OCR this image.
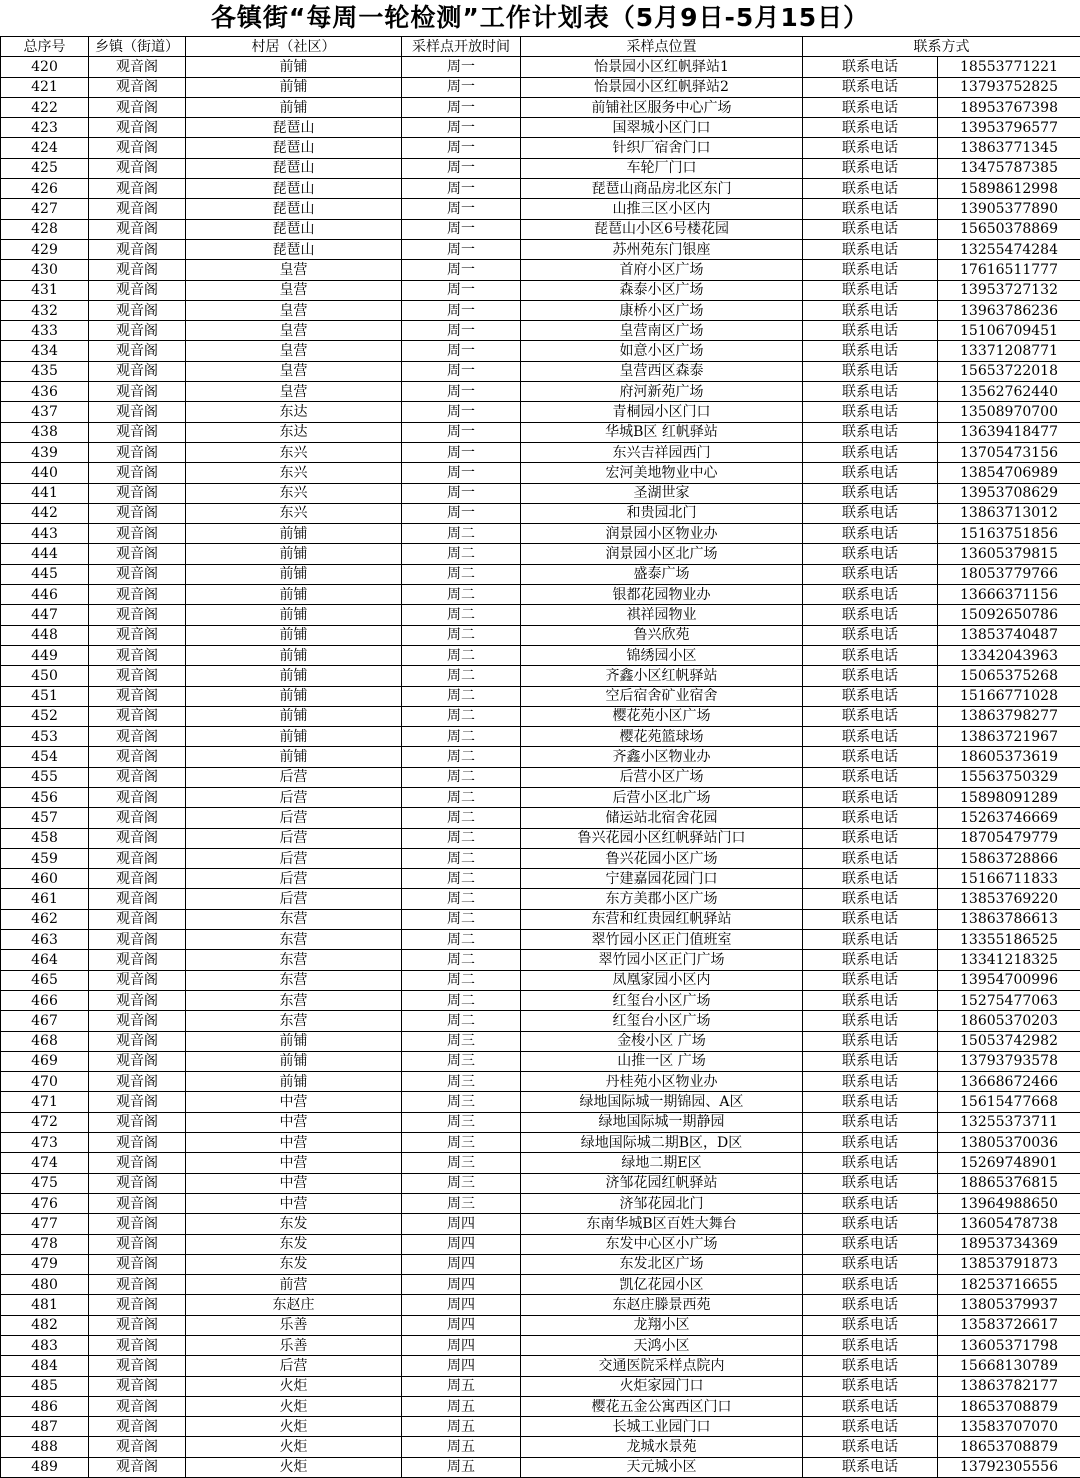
各镇街“每周一轮检测”工作计划表（5月9日-5月15日）
总序号	乡镇（街道）	村居（社区）	采样点开放时间	采样点位置	联系方式	
420	观音阁	前铺	周一	怡景园小区红帆驿站1	联系电话	18553771221
421	观音阁	前铺	周一	怡景园小区红帆驿站2	联系电话	13793752825
422	观音阁	前铺	周一	前铺社区服务中心广场	联系电话	18953767398
423	观音阁	琵琶山	周一	国翠城小区门口	联系电话	13953796577
424	观音阁	琵琶山	周一	针织厂宿舍门口	联系电话	13863771345
425	观音阁	琵琶山	周一	车轮厂门口	联系电话	13475787385
426	观音阁	琵琶山	周一	琵琶山商品房北区东门	联系电话	15898612998
427	观音阁	琵琶山	周一	山推三区小区内	联系电话	13905377890
428	观音阁	琵琶山	周一	琵琶山小区6号楼花园	联系电话	15650378869
429	观音阁	琵琶山	周一	苏州苑东门银座	联系电话	13255474284
430	观音阁	皇营	周一	首府小区广场	联系电话	17616511777
431	观音阁	皇营	周一	森泰小区广场	联系电话	13953727132
432	观音阁	皇营	周一	康桥小区广场	联系电话	13963786236
433	观音阁	皇营	周一	皇营南区广场	联系电话	15106709451
434	观音阁	皇营	周一	如意小区广场	联系电话	13371208771
435	观音阁	皇营	周一	皇营西区森泰	联系电话	15653722018
436	观音阁	皇营	周一	府河新苑广场	联系电话	13562762440
437	观音阁	东达	周一	青桐园小区门口	联系电话	13508970700
438	观音阁	东达	周一	华城B区 红帆驿站	联系电话	13639418477
439	观音阁	东兴	周一	东兴吉祥园西门	联系电话	13705473156
440	观音阁	东兴	周一	宏河美地物业中心	联系电话	13854706989
441	观音阁	东兴	周一	圣湖世家	联系电话	13953708629
442	观音阁	东兴	周一	和贵园北门	联系电话	13863713012
443	观音阁	前铺	周二	润景园小区物业办	联系电话	15163751856
444	观音阁	前铺	周二	润景园小区北广场	联系电话	13605379815
445	观音阁	前铺	周二	盛泰广场	联系电话	18053779766
446	观音阁	前铺	周二	银都花园物业办	联系电话	13666371156
447	观音阁	前铺	周二	祺祥园物业	联系电话	15092650786
448	观音阁	前铺	周二	鲁兴欣苑	联系电话	13853740487
449	观音阁	前铺	周二	锦绣园小区	联系电话	13342043963
450	观音阁	前铺	周二	齐鑫小区红帆驿站	联系电话	15065375268
451	观音阁	前铺	周二	空后宿舍矿业宿舍	联系电话	15166771028
452	观音阁	前铺	周二	樱花苑小区广场	联系电话	13863798277
453	观音阁	前铺	周二	樱花苑篮球场	联系电话	13863721967
454	观音阁	前铺	周二	齐鑫小区物业办	联系电话	18605373619
455	观音阁	后营	周二	后营小区广场	联系电话	15563750329
456	观音阁	后营	周二	后营小区北广场	联系电话	15898091289
457	观音阁	后营	周二	储运站北宿舍花园	联系电话	15263746669
458	观音阁	后营	周二	鲁兴花园小区红帆驿站门口	联系电话	18705479779
459	观音阁	后营	周二	鲁兴花园小区广场	联系电话	15863728866
460	观音阁	后营	周二	宁建嘉园花园门口	联系电话	15166711833
461	观音阁	后营	周二	东方美郡小区广场	联系电话	13853769220
462	观音阁	东营	周二	东营和红贵园红帆驿站	联系电话	13863786613
463	观音阁	东营	周二	翠竹园小区正门值班室	联系电话	13355186525
464	观音阁	东营	周二	翠竹园小区正门广场	联系电话	13341218325
465	观音阁	东营	周二	凤凰家园小区内	联系电话	13954700996
466	观音阁	东营	周二	红玺台小区广场	联系电话	15275477063
467	观音阁	东营	周二	红玺台小区广场	联系电话	18605370203
468	观音阁	前铺	周三	金梭小区 广场	联系电话	15053742982
469	观音阁	前铺	周三	山推一区 广场	联系电话	13793793578
470	观音阁	前铺	周三	丹桂苑小区物业办	联系电话	13668672466
471	观音阁	中营	周三	绿地国际城一期锦园、A区	联系电话	15615477668
472	观音阁	中营	周三	绿地国际城一期静园	联系电话	13255373711
473	观音阁	中营	周三	绿地国际城二期B区，D区	联系电话	13805370036
474	观音阁	中营	周三	绿地二期E区	联系电话	15269748901
475	观音阁	中营	周三	济邹花园红帆驿站	联系电话	18865376815
476	观音阁	中营	周三	济邹花园北门	联系电话	13964988650
477	观音阁	东发	周四	东南华城B区百姓大舞台	联系电话	13605478738
478	观音阁	东发	周四	东发中心区小广场	联系电话	18953734369
479	观音阁	东发	周四	东发北区广场	联系电话	13853791873
480	观音阁	前营	周四	凯亿花园小区	联系电话	18253716655
481	观音阁	东赵庄	周四	东赵庄滕景西苑	联系电话	13805379937
482	观音阁	乐善	周四	龙翔小区	联系电话	13583726617
483	观音阁	乐善	周四	天鸿小区	联系电话	13605371798
484	观音阁	后营	周四	交通医院采样点院内	联系电话	15668130789
485	观音阁	火炬	周五	火炬家园门口	联系电话	13863782177
486	观音阁	火炬	周五	樱花五金公寓西区门口	联系电话	18653708879
487	观音阁	火炬	周五	长城工业园门口	联系电话	13583707070
488	观音阁	火炬	周五	龙城水景苑	联系电话	18653708879
489	观音阁	火炬	周五	天元城小区	联系电话	13792305556
